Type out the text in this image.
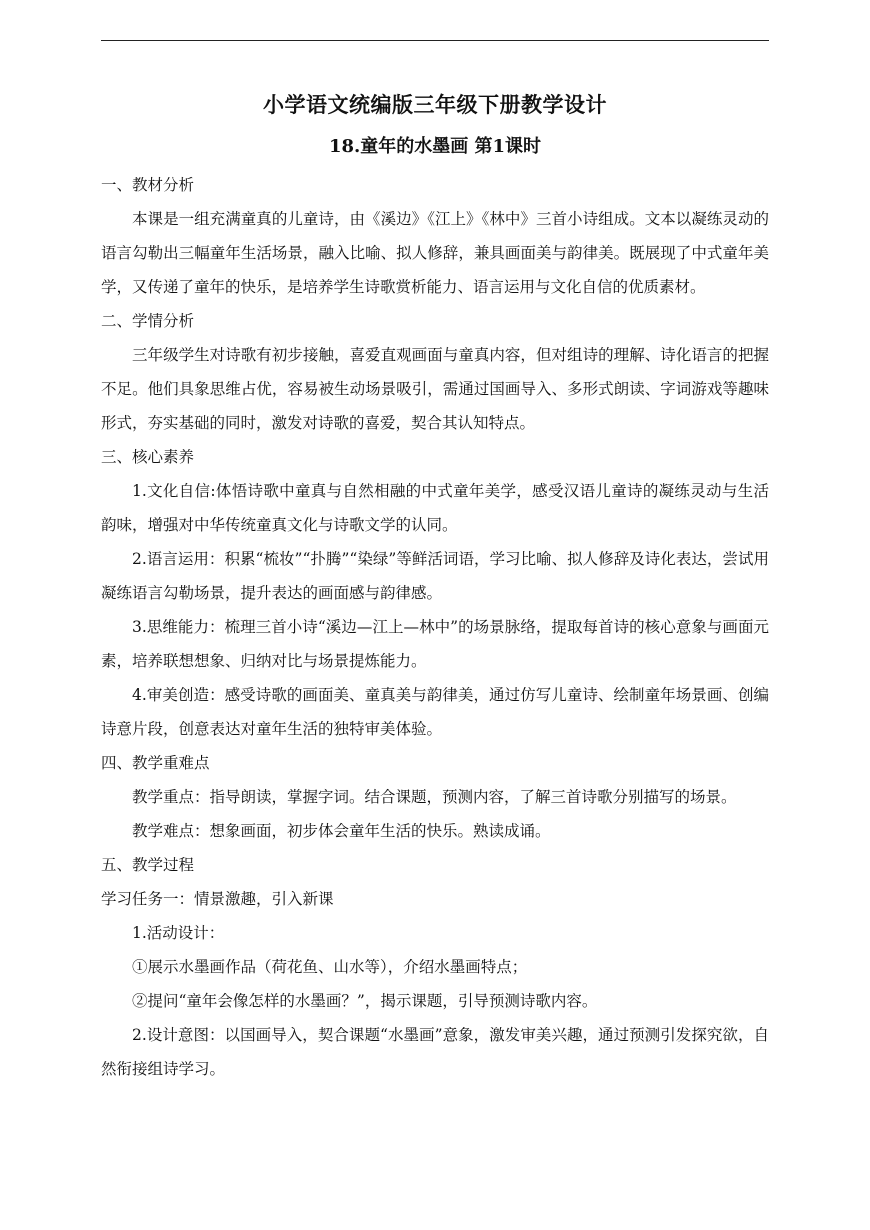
小学语文统编版三年级下册教学设计
18.童年的水墨画 第1课时

一、教材分析

本课是一组充满童真的儿童诗，由《溪边》《江上》《林中》三首小诗组成。文本以凝练灵动的语言勾勒出三幅童年生活场景，融入比喻、拟人修辞，兼具画面美与韵律美。既展现了中式童年美学，又传递了童年的快乐，是培养学生诗歌赏析能力、语言运用与文化自信的优质素材。

二、学情分析

三年级学生对诗歌有初步接触，喜爱直观画面与童真内容，但对组诗的理解、诗化语言的把握不足。他们具象思维占优，容易被生动场景吸引，需通过国画导入、多形式朗读、字词游戏等趣味形式，夯实基础的同时，激发对诗歌的喜爱，契合其认知特点。

三、核心素养

1.文化自信:体悟诗歌中童真与自然相融的中式童年美学，感受汉语儿童诗的凝练灵动与生活韵味，增强对中华传统童真文化与诗歌文学的认同。

2.语言运用：积累“梳妆”“扑腾”“染绿”等鲜活词语，学习比喻、拟人修辞及诗化表达，尝试用凝练语言勾勒场景，提升表达的画面感与韵律感。

3.思维能力：梳理三首小诗“溪边—江上—林中”的场景脉络，提取每首诗的核心意象与画面元素，培养联想想象、归纳对比与场景提炼能力。

4.审美创造：感受诗歌的画面美、童真美与韵律美，通过仿写儿童诗、绘制童年场景画、创编诗意片段，创意表达对童年生活的独特审美体验。

四、教学重难点

教学重点：指导朗读，掌握字词。结合课题，预测内容，了解三首诗歌分别描写的场景。

教学难点：想象画面，初步体会童年生活的快乐。熟读成诵。

五、教学过程

学习任务一：情景激趣，引入新课

1.活动设计：

①展示水墨画作品（荷花鱼、山水等），介绍水墨画特点；

②提问“童年会像怎样的水墨画？”，揭示课题，引导预测诗歌内容。

2.设计意图：以国画导入，契合课题“水墨画”意象，激发审美兴趣，通过预测引发探究欲，自然衔接组诗学习。
